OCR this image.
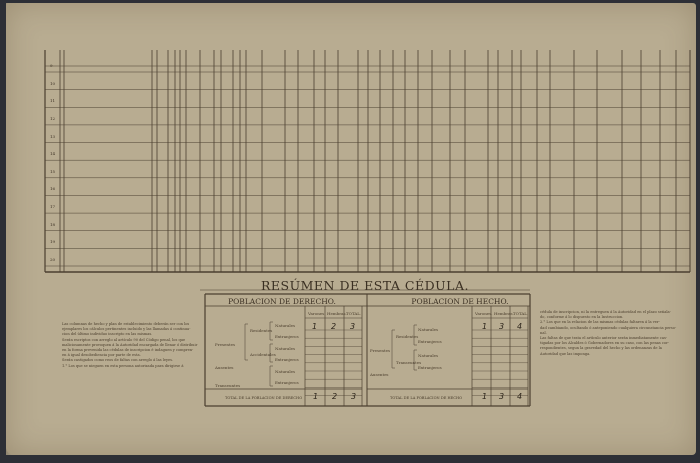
9
10
11
12
13
14
15
16
17
18
19
20
RESÚMEN DE ESTA CÉDULA.
POBLACION DE DERECHO.
Varones. Hembras. TOTAL.
Presentes
Ausentes
Transeuntes
Residentes
Accidentales
Naturales
Extranjeros
Naturales
Extranjeros
Naturales
Extranjeros
1 2 3
TOTAL DE LA POBLACION DE DERECHO 1 2 3
POBLACION DE HECHO.
Varones. Hembras. TOTAL.
Presentes
Ausentes
Residentes
Transeuntes
Naturales
Extranjeros
Naturales
Extranjeros
1 3 4
TOTAL DE LA POBLACION DE HECHO 1 3 4
Las columnas de hecho y plan de establecimiento deberán ser con los
ejemplares los cálculos pertinentes incluido y las llamadas á continua-
cion del último individuo inscripto en las mismas.
Serán escriptos con arreglo al artículo 90 del Código penal, los que
maliciosamente provoquen á la Autoridad encargada de llenar ó distribuir
en la forma prevenida las cédulas de inscripcion é indaguen y compren-
en á igual desobediencia por parte de esta.
Serán castigados como reos de faltas con arreglo á las leyes.
1.° Los que se nieguen en esta persona autorizada para dirigirse á
cédula de inscripcion, ni la entreguen á la Autoridad en el plazo señala-
do, conforme á lo dispuesto en la Instruccion.
2.° Los que en la relacion de las mismas cédulas faltaren á la ver-
dad cambiando, ocultando ó anteponiendo cualquiera circunstancia perso-
nal.
Las faltas de que trata el artículo anterior serán inmediatamente cas-
tigadas por los Alcaldes ó Gobernadores en su caso, con las penas cor-
respondientes, segun la gravedad del hecho y las ordenanzas de la
Autoridad que las imponga.
